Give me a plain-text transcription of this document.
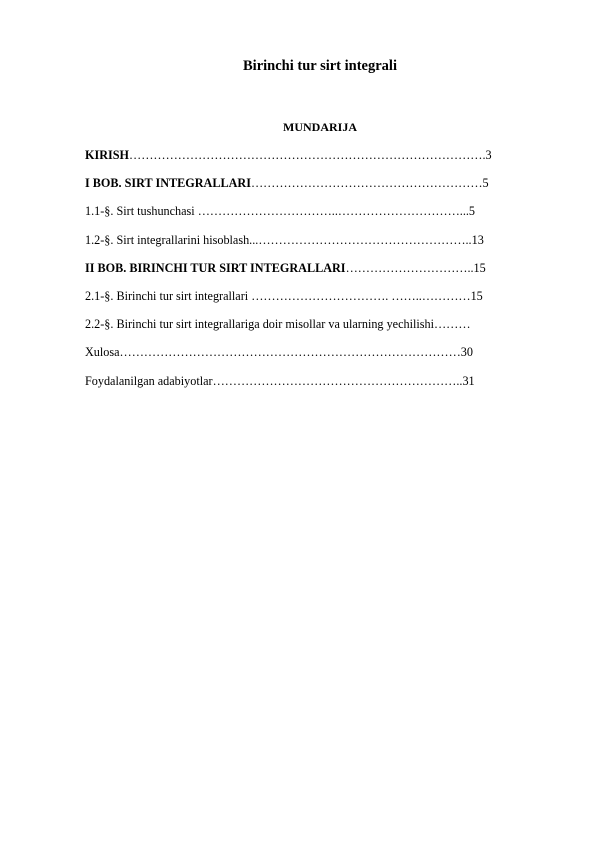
Birinchi tur sirt integrali
MUNDARIJA
KIRISH…………………………………………………………………………….3
I BOB. SIRT INTEGRALLARI…………………………………………………5
1.1-§. Sirt tushunchasi ……………………………..…………………………...5
1.2-§. Sirt integrallarini hisoblash...……………………………………………..13
II BOB. BIRINCHI TUR SIRT INTEGRALLARI…………………………..15
2.1-§. Birinchi tur sirt integrallari ……………………………. ……..…………15
2.2-§. Birinchi tur sirt integrallariga doir misollar va ularning yechilishi………
Xulosa…………………………………………………………………………30
Foydalanilgan adabiyotlar……………………………………………………..31
